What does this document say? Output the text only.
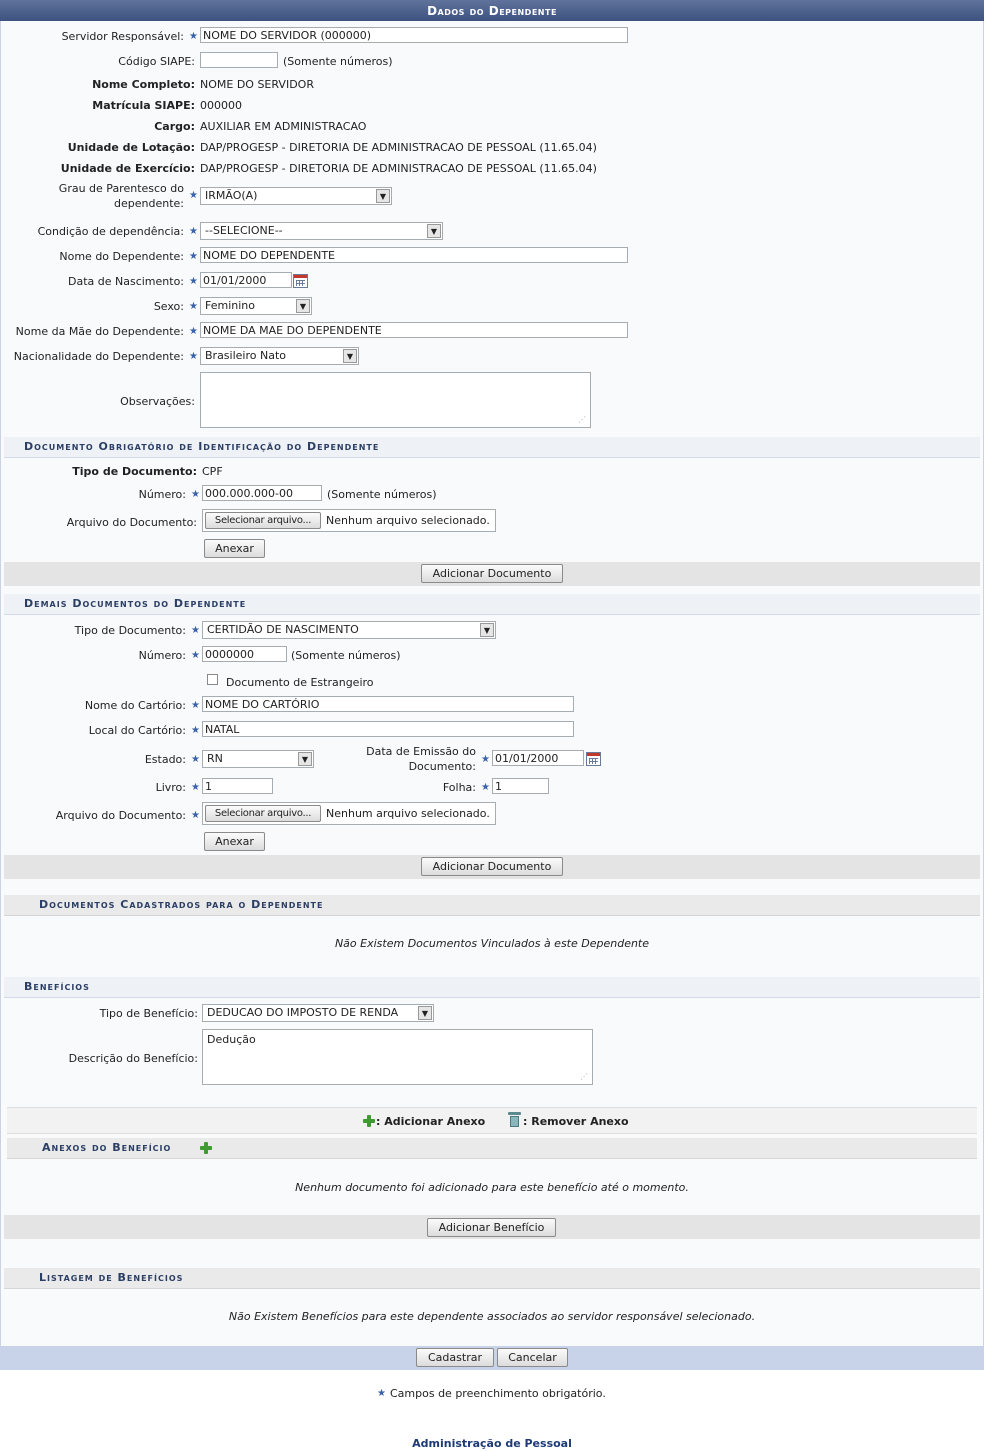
Dados do Dependente
Servidor Responsável: ★ NOME DO SERVIDOR (000000)
Código SIAPE:	(Somente números)
Nome Completo: NOME DO SERVIDOR
Matrícula SIAPE: 000000
Cargo: AUXILIAR EM ADMINISTRACAO
Unidade de Lotação: DAP/PROGESP - DIRETORIA DE ADMINISTRACAO DE PESSOAL (11.65.04)
Unidade de Exercício: DAP/PROGESP - DIRETORIA DE ADMINISTRACAO DE PESSOAL (11.65.04)
Grau de Parentesco do
dependente:
★ IRMÃO(A)	▼
Condição de dependência: ★ --SELECIONE--	▼
Nome do Dependente: ★ NOME DO DEPENDENTE
Data de Nascimento: ★ 01/01/2000
Sexo: ★ Feminino	▼
Nome da Mãe do Dependente: ★ NOME DA MAE DO DEPENDENTE
Nacionalidade do Dependente: ★ Brasileiro Nato	▼
Observações:
⋰
Documento Obrigatório de Identificação do Dependente
Tipo de Documento: CPF
Número: ★ 000.000.000-00	(Somente números)
Arquivo do Documento:	Selecionar arquivo...	Nenhum arquivo selecionado.
Anexar
Adicionar Documento
Demais Documentos do Dependente
Tipo de Documento: ★ CERTIDÃO DE NASCIMENTO	▼
Número: ★ 0000000	(Somente números)
Documento de Estrangeiro
Nome do Cartório: ★ NOME DO CARTÓRIO
Local do Cartório: ★ NATAL
Estado: ★ RN	▼
Data de Emissão do
Documento:
★ 01/01/2000
Livro: ★ 1	Folha: ★ 1
Arquivo do Documento: ★	Selecionar arquivo...	Nenhum arquivo selecionado.
Anexar
Adicionar Documento
Documentos Cadastrados para o Dependente
Não Existem Documentos Vinculados à este Dependente
Benefícios
Tipo de Benefício: DEDUCAO DO IMPOSTO DE RENDA	▼
Descrição do Benefício:
Dedução
⋰
: Adicionar Anexo	: Remover Anexo
Anexos do Benefício
Nenhum documento foi adicionado para este benefício até o momento.
Adicionar Benefício
Listagem de Benefícios
Não Existem Benefícios para este dependente associados ao servidor responsável selecionado.
Cadastrar	Cancelar
★ Campos de preenchimento obrigatório.
Administração de Pessoal
